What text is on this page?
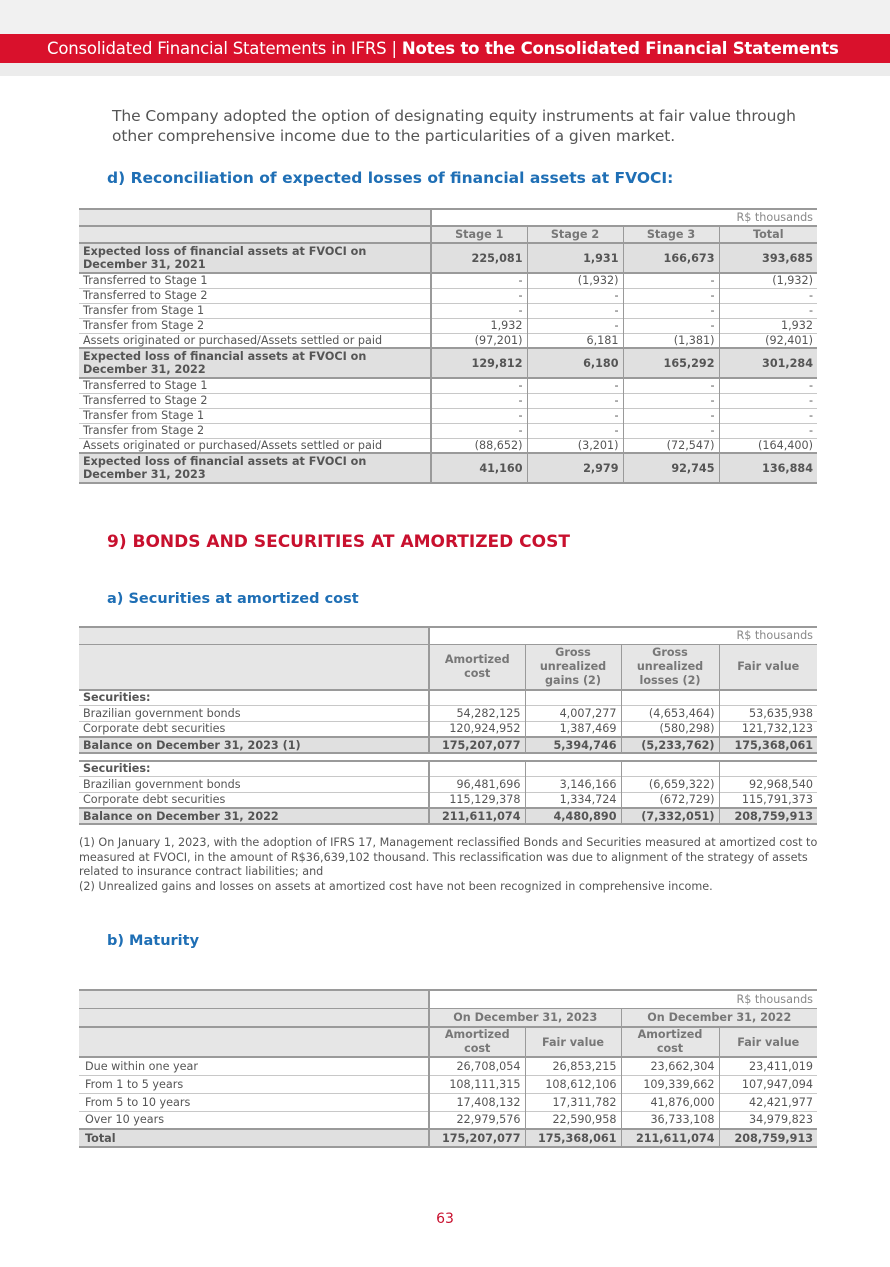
Consolidated Financial Statements in IFRS | Notes to the Consolidated Financial Statements
The Company adopted the option of designating equity instruments at fair value through other comprehensive income due to the particularities of a given market.
d) Reconciliation of expected losses of financial assets at FVOCI:
	R$ thousands			
	Stage 1	Stage 2	Stage 3	Total
Expected loss of financial assets at FVOCI on December 31, 2021	225,081	1,931	166,673	393,685
Transferred to Stage 1	-	(1,932)	-	(1,932)
Transferred to Stage 2	-	-	-	-
Transfer from Stage 1	-	-	-	-
Transfer from Stage 2	1,932	-	-	1,932
Assets originated or purchased/Assets settled or paid	(97,201)	6,181	(1,381)	(92,401)
Expected loss of financial assets at FVOCI on December 31, 2022	129,812	6,180	165,292	301,284
Transferred to Stage 1	-	-	-	-
Transferred to Stage 2	-	-	-	-
Transfer from Stage 1	-	-	-	-
Transfer from Stage 2	-	-	-	-
Assets originated or purchased/Assets settled or paid	(88,652)	(3,201)	(72,547)	(164,400)
Expected loss of financial assets at FVOCI on December 31, 2023	41,160	2,979	92,745	136,884
9) BONDS AND SECURITIES AT AMORTIZED COST
a) Securities at amortized cost
	R$ thousands			
	Amortized cost	Gross unrealized gains (2)	Gross unrealized losses (2)	Fair value
Securities:				
Brazilian government bonds	54,282,125	4,007,277	(4,653,464)	53,635,938
Corporate debt securities	120,924,952	1,387,469	(580,298)	121,732,123
Balance on December 31, 2023 (1)	175,207,077	5,394,746	(5,233,762)	175,368,061

Securities:				
Brazilian government bonds	96,481,696	3,146,166	(6,659,322)	92,968,540
Corporate debt securities	115,129,378	1,334,724	(672,729)	115,791,373
Balance on December 31, 2022	211,611,074	4,480,890	(7,332,051)	208,759,913
(1) On January 1, 2023, with the adoption of IFRS 17, Management reclassified Bonds and Securities measured at amortized cost to measured at FVOCI, in the amount of R$36,639,102 thousand. This reclassification was due to alignment of the strategy of assets related to insurance contract liabilities; and
(2) Unrealized gains and losses on assets at amortized cost have not been recognized in comprehensive income.
b) Maturity
	R$ thousands			
	On December 31, 2023		On December 31, 2022	
	Amortized cost	Fair value	Amortized cost	Fair value
Due within one year	26,708,054	26,853,215	23,662,304	23,411,019
From 1 to 5 years	108,111,315	108,612,106	109,339,662	107,947,094
From 5 to 10 years	17,408,132	17,311,782	41,876,000	42,421,977
Over 10 years	22,979,576	22,590,958	36,733,108	34,979,823
Total	175,207,077	175,368,061	211,611,074	208,759,913
63
